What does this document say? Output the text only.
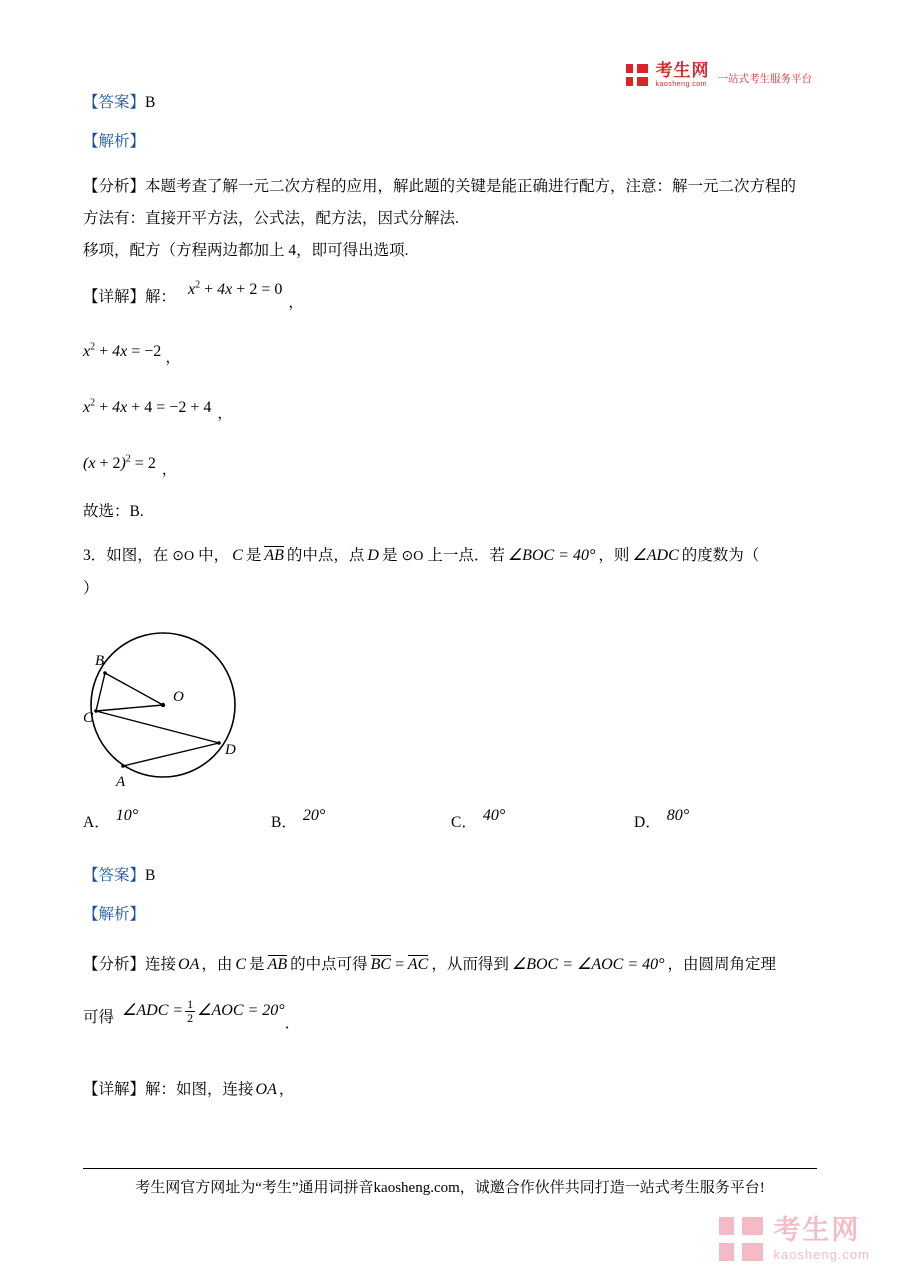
考生网
kaosheng.com 一站式考生服务平台
【答案】B
【解析】
【分析】本题考查了解一元二次方程的应用，解此题的关键是能正确进行配方，注意：解一元二次方程的
方法有：直接开平方法，公式法，配方法，因式分解法.
移项，配方（方程两边都加上 4，即可得出选项.
【详解】解： $x^2 + 4x + 2 = 0$，
$x^2 + 4x = -2$ ，
$x^2 + 4x + 4 = -2 + 4$ ，
$(x + 2)^2 = 2$ ，
故选：B.
3．如图，在 ⊙O 中， C 是 AB 的中点，点 D 是 ⊙O 上一点．若 ∠BOC = 40° ，则 ∠ADC 的度数为（
）
B
O
C
D
A
A． 10°	B． 20°	C． 40°	D． 80°
【答案】B
【解析】
【分析】连接 OA ，由 C 是 AB 的中点可得 BC = AC ，从而得到 ∠BOC = ∠AOC = 40° ，由圆周角定理
可得 ∠ADC = $\frac{1}{2}$ ∠AOC = 20°．
【详解】解：如图，连接 OA ，
考生网官方网址为“考生”通用词拼音kaosheng.com，诚邀合作伙伴共同打造一站式考生服务平台!
考生网
kaosheng.com
